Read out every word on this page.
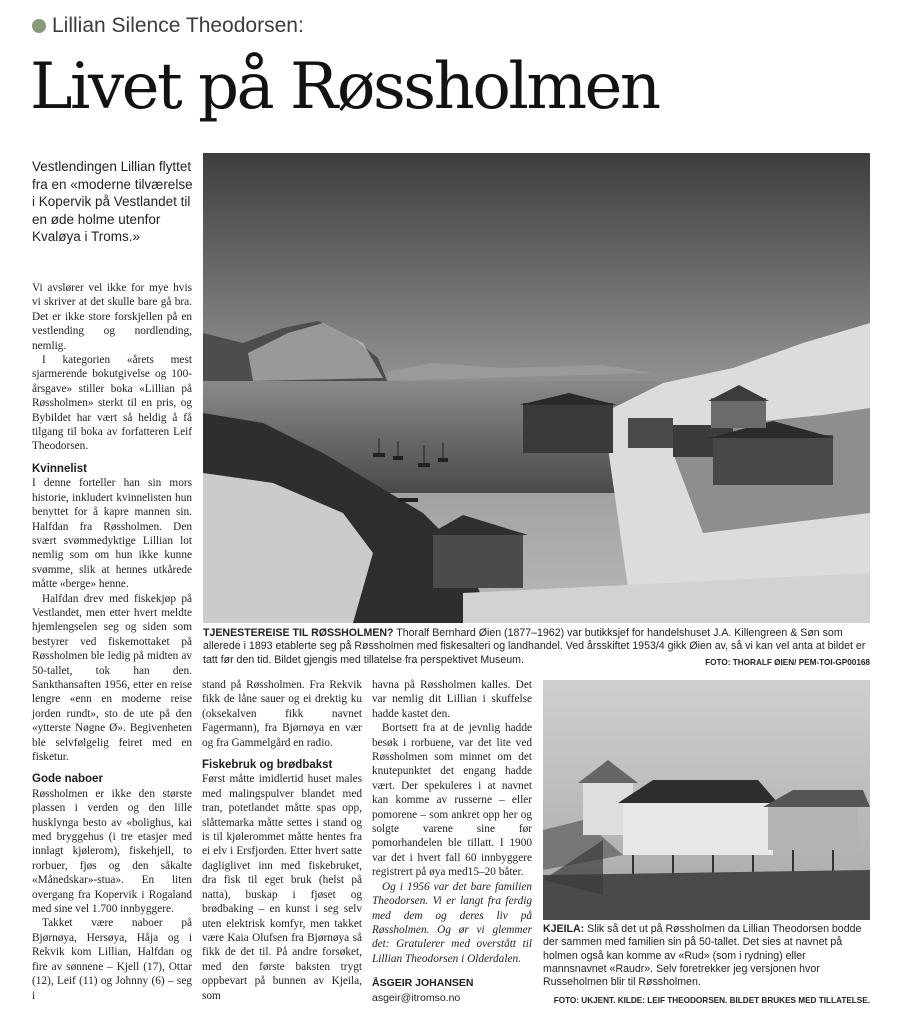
Lillian Silence Theodorsen:
Livet på Røssholmen
Vestlendingen Lillian flyttet fra en «moderne tilværelse i Kopervik på Vestlandet til en øde holme utenfor Kvaløya i Troms.»

Vi avslører vel ikke for mye hvis vi skriver at det skulle bare gå bra. Det er ikke store forskjellen på en vestlending og nordlending, nemlig.

I kategorien «årets mest sjarmerende bokutgivelse og 100-årsgave» stiller boka «Lillian på Røssholmen» sterkt til en pris, og Bybildet har vært så heldig å få tilgang til boka av forfatteren Leif Theodorsen.

Kvinnelist

I denne forteller han sin mors historie, inkludert kvinnelisten hun benyttet for å kapre mannen sin. Halfdan fra Røssholmen. Den svært svømmedyktige Lillian lot nemlig som om hun ikke kunne svømme, slik at hennes utkårede måtte «berge» henne.

Halfdan drev med fiskekjøp på Vestlandet, men etter hvert meldte hjemlengselen seg og siden som bestyrer ved fiskemottaket på Røssholmen ble ledig på midten av 50-tallet, tok han den. Sankthansaften 1956, etter en reise lengre «enn en moderne reise jorden rundt», sto de ute på den «ytterste Nøgne Ø». Begivenheten ble selvfølgelig feiret med en fisketur.

Gode naboer

Røssholmen er ikke den største plassen i verden og den lille husklynga besto av «bolighus, kai med bryggehus (i tre etasjer med innlagt kjølerom), fiskehjell, to rorbuer, fjøs og den såkalte «Månedskar»-stua». En liten overgang fra Kopervik i Rogaland med sine vel 1.700 innbyggere.

Takket være naboer på Bjørnøya, Hersøya, Håja og i Rekvik kom Lillian, Halfdan og fire av sønnene – Kjell (17), Ottar (12), Leif (11) og Johnny (6) – seg i

TJENESTEREISE TIL RØSSHOLMEN? Thoralf Bernhard Øien (1877–1962) var butikksjef for handelshuset J.A. Killengreen & Søn som allerede i 1893 etablerte seg på Røssholmen med fiskesalteri og landhandel. Ved årsskiftet 1953/4 gikk Øien av, så vi kan vel anta at bildet er tatt før den tid. Bildet gjengis med tillatelse fra perspektivet Museum.	FOTO: THORALF ØIEN/ PEM-TOI-GP00168

stand på Røssholmen. Fra Rekvik fikk de låne sauer og ei drektig ku (oksekalven fikk navnet Fagermann), fra Bjørnøya en vær og fra Gammelgård en radio.

Fiskebruk og brødbakst

Først måtte imidlertid huset males med malingspulver blandet med tran, potetlandet måtte spas opp, slåttemarka måtte settes i stand og is til kjølerommet måtte hentes fra ei elv i Ersfjorden. Etter hvert satte dagliglivet inn med fiskebruket, dra fisk til eget bruk (helst på natta), buskap i fjøset og brødbaking – en kunst i seg selv uten elektrisk komfyr, men takket være Kaia Olufsen fra Bjørnøya så fikk de det til. På andre forsøket, med den første baksten trygt oppbevart på bunnen av Kjeila, som

havna på Røssholmen kalles. Det var nemlig dit Lillian i skuffelse hadde kastet den.

Bortsett fra at de jevnlig hadde besøk i rorbuene, var det lite ved Røssholmen som minnet om det knutepunktet det engang hadde vært. Der spekuleres i at navnet kan komme av russerne – eller pomorene – som ankret opp her og solgte varene sine før pomorhandelen ble tillatt. I 1900 var det i hvert fall 60 innbyggere registrert på øya med15–20 båter.

Og i 1956 var det bare familien Theodorsen. Vi er langt fra ferdig med dem og deres liv på Røssholmen. Og ør vi glemmer det: Gratulerer med overstått til Lillian Theodorsen i Olderdalen.

ÅSGEIR JOHANSEN
asgeir@itromso.no
KJEILA: Slik så det ut på Røssholmen da Lillian Theodorsen bodde der sammen med familien sin på 50-tallet. Det sies at navnet på holmen også kan komme av «Rud» (som i rydning) eller mannsnavnet «Raudr». Selv foretrekker jeg versjonen hvor Russeholmen blir til Røssholmen.
FOTO: UKJENT. KILDE: LEIF THEODORSEN. BILDET BRUKES MED TILLATELSE.
